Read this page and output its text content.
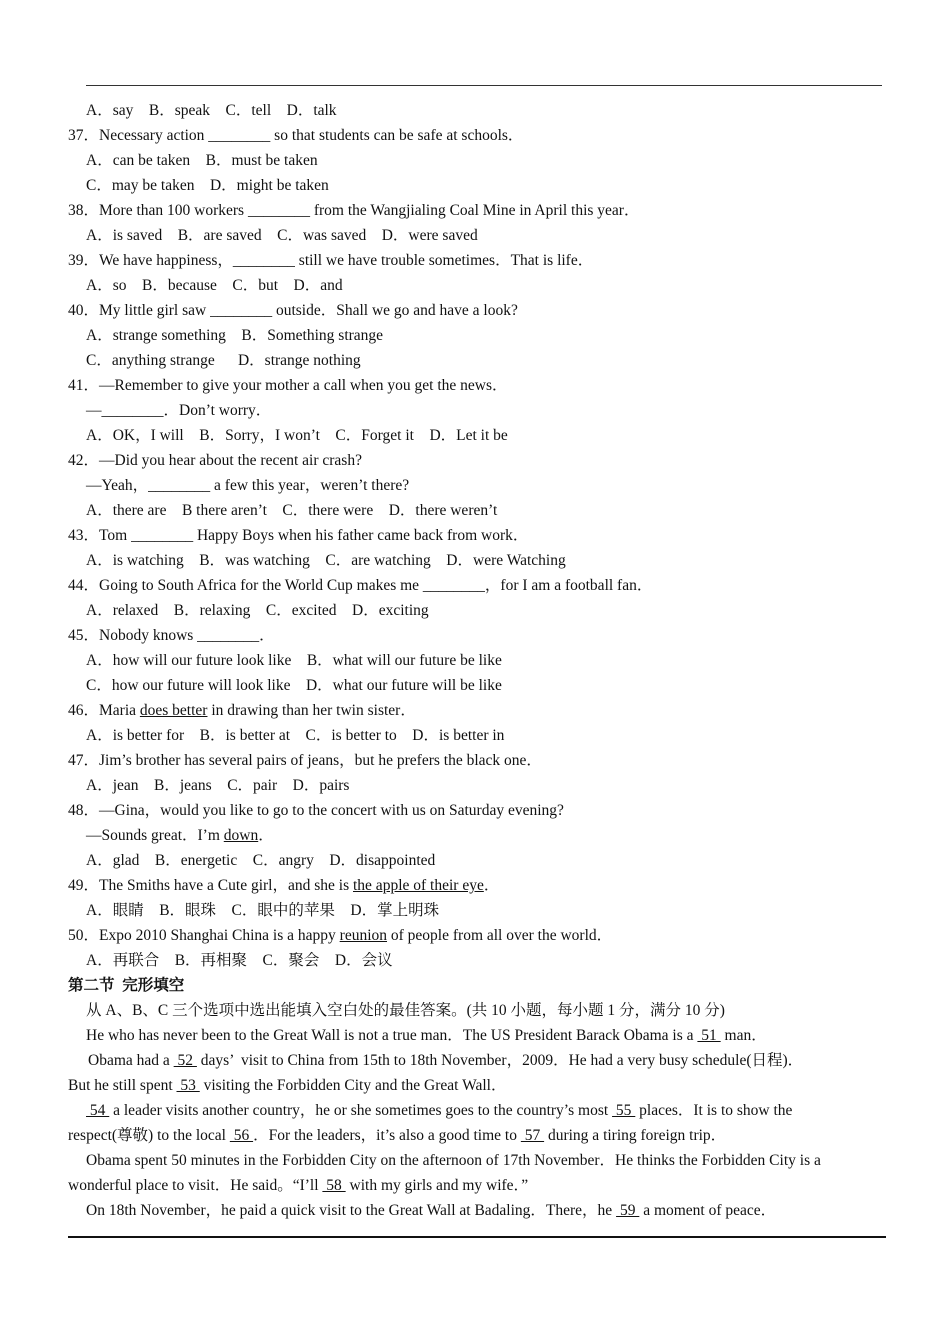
A．say    B．speak    C．tell    D．talk
37．Necessary action ________ so that students can be safe at schools．
A．can be taken    B．must be taken
C．may be taken    D．might be taken
38．More than 100 workers ________ from the Wangjialing Coal Mine in April this year．
A．is saved    B．are saved    C．was saved    D．were saved
39．We have happiness，________ still we have trouble sometimes．That is life．
A．so    B．because    C．but    D．and
40．My little girl saw ________ outside．Shall we go and have a look?
A．strange something    B．Something strange
C．anything strange      D．strange nothing
41．—Remember to give your mother a call when you get the news．
—________．Don’t worry．
A．OK，I will    B．Sorry，I won’t    C．Forget it    D．Let it be
42．—Did you hear about the recent air crash?
—Yeah，________ a few this year，weren’t there?
A．there are    B there aren’t    C．there were    D．there weren’t
43．Tom ________ Happy Boys when his father came back from work．
A．is watching    B．was watching    C．are watching    D．were Watching
44．Going to South Africa for the World Cup makes me ________，for I am a football fan．
A．relaxed    B．relaxing    C．excited    D．exciting
45．Nobody knows ________．
A．how will our future look like    B．what will our future be like
C．how our future will look like    D．what our future will be like
46．Maria does better in drawing than her twin sister．
A．is better for    B．is better at    C．is better to    D．is better in
47．Jim’s brother has several pairs of jeans，but he prefers the black one．
A．jean    B．jeans    C．pair    D．pairs
48．—Gina，would you like to go to the concert with us on Saturday evening?
—Sounds great．I’m down．
A．glad    B．energetic    C．angry    D．disappointed
49．The Smiths have a Cute girl，and she is the apple of their eye．
A．眼睛    B．眼珠    C．眼中的苹果    D．掌上明珠
50．Expo 2010 Shanghai China is a happy reunion of people from all over the world．
A．再联合    B．再相聚    C．聚会    D．会议
第二节  完形填空
从 A、B、C 三个选项中选出能填入空白处的最佳答案。(共 10 小题，每小题 1 分，满分 10 分)
He who has never been to the Great Wall is not a true man．The US President Barack Obama is a  51  man．
Obama had a  52  days’  visit to China from 15th to 18th November，2009．He had a very busy schedule(日程)．
But he still spent  53  visiting the Forbidden City and the Great Wall．
54  a leader visits another country，he or she sometimes goes to the country’s most  55  places．It is to show the
respect(尊敬) to the local  56 ．For the leaders，it’s also a good time to  57  during a tiring foreign trip．
Obama spent 50 minutes in the Forbidden City on the afternoon of 17th November．He thinks the Forbidden City is a
wonderful place to visit．He said。“I’ll  58  with my girls and my wife．”
On 18th November，he paid a quick visit to the Great Wall at Badaling．There，he  59  a moment of peace．
